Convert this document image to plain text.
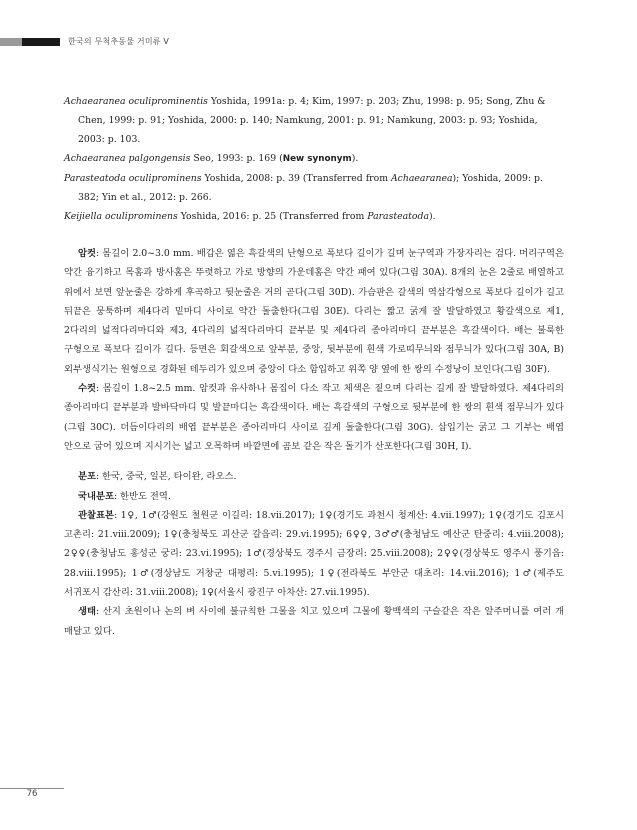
한국의 무척추동물 거미류 V

Achaearanea oculiprominentis Yoshida, 1991a: p. 4; Kim, 1997: p. 203; Zhu, 1998: p. 95; Song, Zhu & Chen, 1999: p. 91; Yoshida, 2000: p. 140; Namkung, 2001: p. 91; Namkung, 2003: p. 93; Yoshida, 2003: p. 103.

Achaearanea palgongensis Seo, 1993: p. 169 (New synonym).

Parasteatoda oculiprominens Yoshida, 2008: p. 39 (Transferred from Achaearanea); Yoshida, 2009: p. 382; Yin et al., 2012: p. 266.

Keijiella oculiprominens Yoshida, 2016: p. 25 (Transferred from Parasteatoda).

암컷: 몸길이 2.0~3.0 mm. 배갑은 엷은 흑갈색의 난형으로 폭보다 길이가 길며 눈구역과 가장자리는 검다. 머리구역은 약간 융기하고 목홈과 방사홈은 뚜렷하고 가로 방향의 가운데홈은 약간 패여 있다(그림 30A). 8개의 눈은 2줄로 배열하고 위에서 보면 앞눈줄은 강하게 후곡하고 뒷눈줄은 거의 곧다(그림 30D). 가슴판은 갈색의 역삼각형으로 폭보다 길이가 길고 뒤끝은 뭉툭하며 제4다리 밑마디 사이로 약간 돌출한다(그림 30E). 다리는 짧고 굵게 잘 발달하였고 황갈색으로 제1, 2다리의 넓적다리마디와 제3, 4다리의 넓적다리마디 끝부분 및 제4다리 종아리마디 끝부분은 흑갈색이다. 배는 불룩한 구형으로 폭보다 길이가 길다. 등면은 회갈색으로 앞부분, 중앙, 뒷부분에 흰색 가로띠무늬와 점무늬가 있다(그림 30A, B) 외부생식기는 원형으로 경화된 테두리가 있으며 중앙이 다소 함입하고 위쪽 양 옆에 한 쌍의 수정낭이 보인다(그림 30F).

수컷: 몸길이 1.8~2.5 mm. 암컷과 유사하나 몸집이 다소 작고 체색은 짙으며 다리는 길게 잘 발달하였다. 제4다리의 종아리마디 끝부분과 발바닥마디 및 발끝마디는 흑갈색이다. 배는 흑갈색의 구형으로 뒷부분에 한 쌍의 흰색 점무늬가 있다(그림 30C). 더듬이다리의 배엽 끝부분은 종아리마디 사이로 깊게 돌출한다(그림 30G). 삽입기는 굵고 그 기부는 배엽 안으로 굽어 있으며 지시기는 넓고 오목하며 바깥면에 곰보 같은 작은 돌기가 산포한다(그림 30H, I).

분포: 한국, 중국, 일본, 타이완, 라오스.

국내분포: 한반도 전역.

관찰표본: 1♀, 1♂(강원도 철원군 이길리: 18.vii.2017); 1♀(경기도 과천시 청계산: 4.vii.1997); 1♀(경기도 김포시 고촌리: 21.viii.2009); 1♀(충청북도 괴산군 갈읍리: 29.vi.1995); 6♀♀, 3♂♂(충청남도 예산군 탄중리: 4.viii.2008); 2♀♀(충청남도 홍성군 궁리: 23.vi.1995); 1♂(경상북도 경주시 금장리: 25.viii.2008); 2♀♀(경상북도 영주시 풍기읍: 28.viii.1995); 1♂(경상남도 거창군 대평리: 5.vi.1995); 1♀(전라북도 부안군 대초리: 14.vii.2016); 1♂(제주도 서귀포시 감산리: 31.viii.2008); 1♀(서울시 광진구 아차산: 27.vii.1995).

생태: 산지 초원이나 논의 벼 사이에 불규칙한 그물을 치고 있으며 그물에 황백색의 구슬같은 작은 알주머니를 여러 개 매달고 있다.

76
